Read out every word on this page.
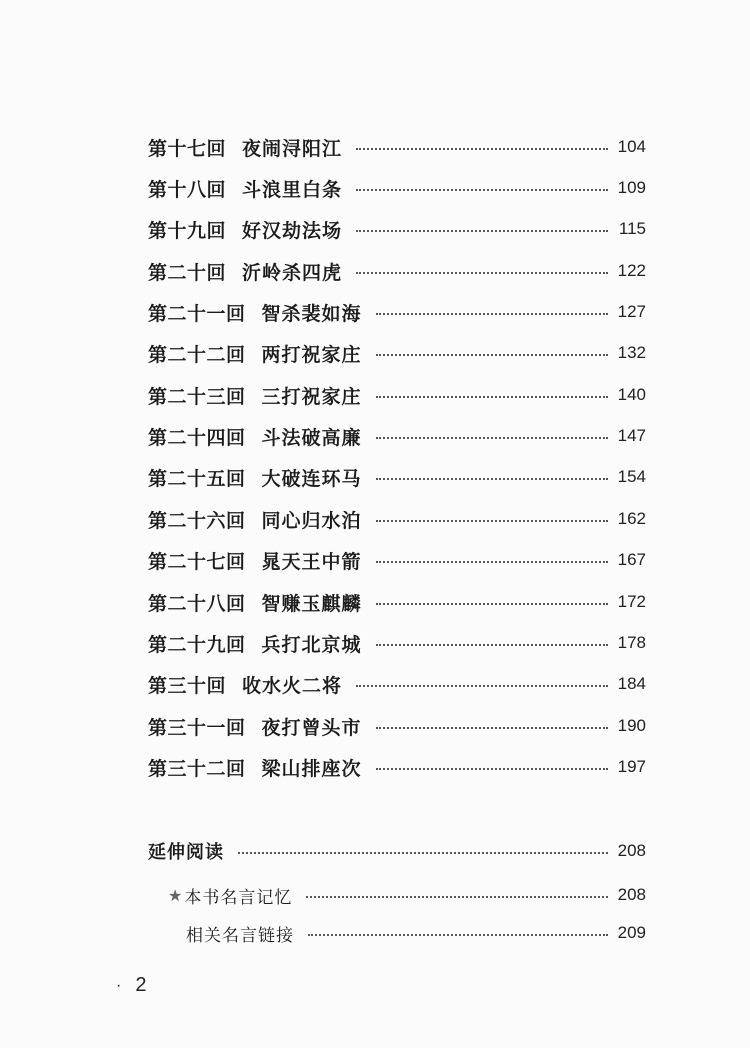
第十七回 夜闹浔阳江	104
第十八回 斗浪里白条	109
第十九回 好汉劫法场	115
第二十回 沂岭杀四虎	122
第二十一回 智杀裴如海	127
第二十二回 两打祝家庄	132
第二十三回 三打祝家庄	140
第二十四回 斗法破高廉	147
第二十五回 大破连环马	154
第二十六回 同心归水泊	162
第二十七回 晁天王中箭	167
第二十八回 智赚玉麒麟	172
第二十九回 兵打北京城	178
第三十回 收水火二将	184
第三十一回 夜打曾头市	190
第三十二回 梁山排座次	197
延伸阅读	208
★ 本书名言记忆	208
相关名言链接	209
· 2
